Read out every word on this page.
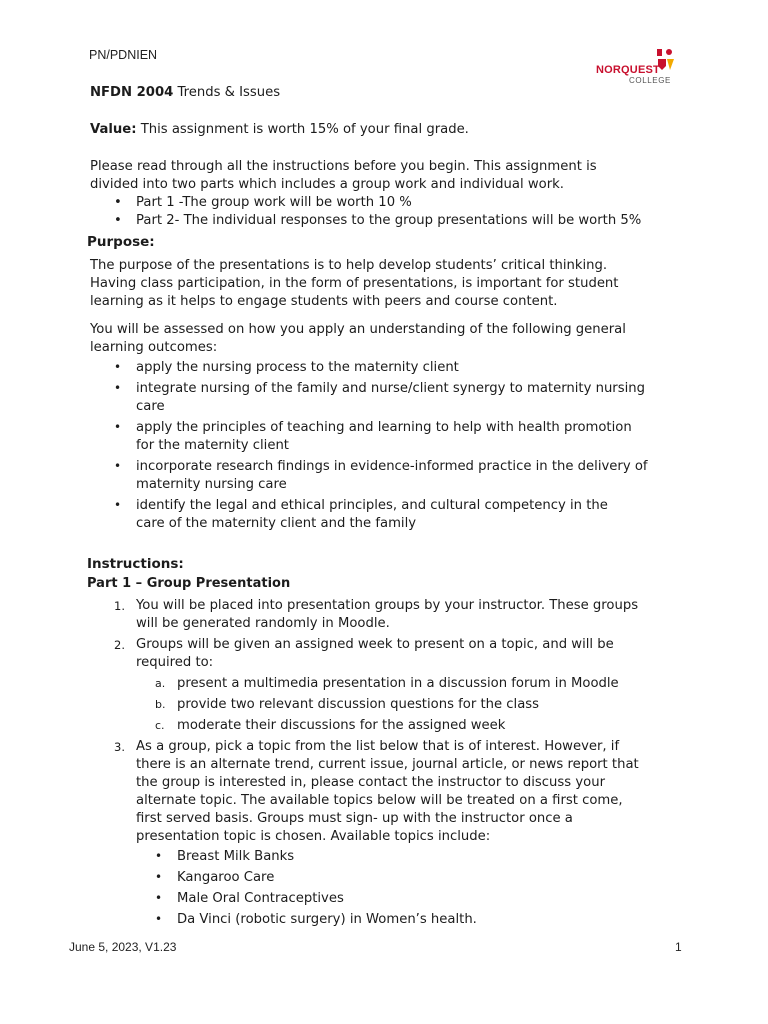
PN/PDNIEN
NORQUEST
COLLEGE
NFDN 2004 Trends & Issues
Value: This assignment is worth 15% of your final grade.
Please read through all the instructions before you begin. This assignment is
divided into two parts which includes a group work and individual work.
• Part 1 -The group work will be worth 10 %
• Part 2- The individual responses to the group presentations will be worth 5%
Purpose:
The purpose of the presentations is to help develop students’ critical thinking.
Having class participation, in the form of presentations, is important for student
learning as it helps to engage students with peers and course content.
You will be assessed on how you apply an understanding of the following general
learning outcomes:
• apply the nursing process to the maternity client
• integrate nursing of the family and nurse/client synergy to maternity nursing
care
• apply the principles of teaching and learning to help with health promotion
for the maternity client
• incorporate research findings in evidence-informed practice in the delivery of
maternity nursing care
• identify the legal and ethical principles, and cultural competency in the
care of the maternity client and the family
Instructions:
Part 1 – Group Presentation
1. You will be placed into presentation groups by your instructor. These groups
will be generated randomly in Moodle.
2. Groups will be given an assigned week to present on a topic, and will be
required to:
a. present a multimedia presentation in a discussion forum in Moodle
b. provide two relevant discussion questions for the class
c. moderate their discussions for the assigned week
3. As a group, pick a topic from the list below that is of interest. However, if
there is an alternate trend, current issue, journal article, or news report that
the group is interested in, please contact the instructor to discuss your
alternate topic. The available topics below will be treated on a first come,
first served basis. Groups must sign- up with the instructor once a
presentation topic is chosen. Available topics include:
• Breast Milk Banks
• Kangaroo Care
• Male Oral Contraceptives
• Da Vinci (robotic surgery) in Women’s health.
June 5, 2023, V1.23	1
